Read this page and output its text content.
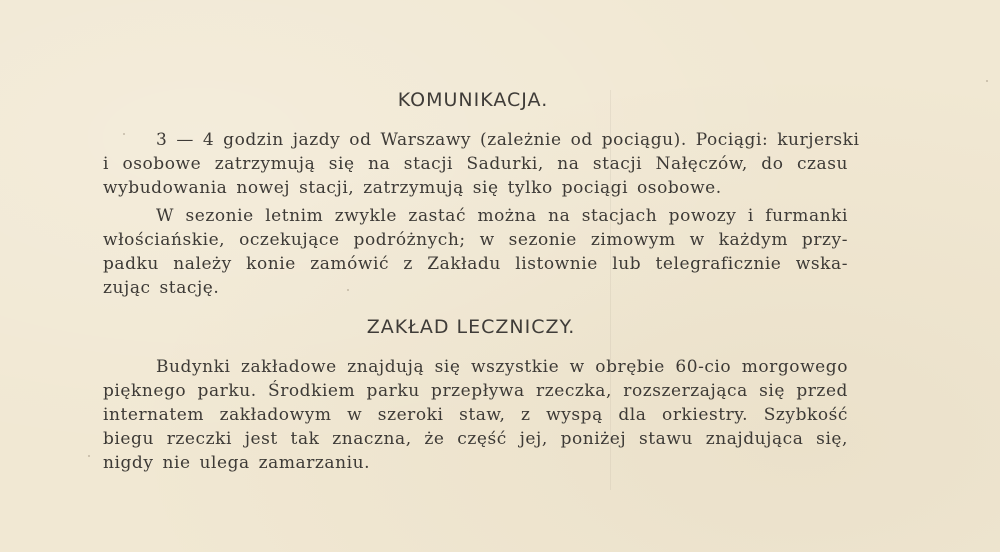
KOMUNIKACJA.

3 — 4 godzin jazdy od Warszawy (zależnie od pociągu). Pociągi: kurjerski
i osobowe zatrzymują się na stacji Sadurki, na stacji Nałęczów, do czasu
wybudowania nowej stacji, zatrzymują się tylko pociągi osobowe.

W sezonie letnim zwykle zastać można na stacjach powozy i furmanki
włościańskie, oczekujące podróżnych; w sezonie zimowym w każdym przy-
padku należy konie zamówić z Zakładu listownie lub telegraficznie wska-
zując stację.

ZAKŁAD LECZNICZY.

Budynki zakładowe znajdują się wszystkie w obrębie 60-cio morgowego
pięknego parku. Środkiem parku przepływa rzeczka, rozszerzająca się przed
internatem zakładowym w szeroki staw, z wyspą dla orkiestry. Szybkość
biegu rzeczki jest tak znaczna, że część jej, poniżej stawu znajdująca się,
nigdy nie ulega zamarzaniu.
